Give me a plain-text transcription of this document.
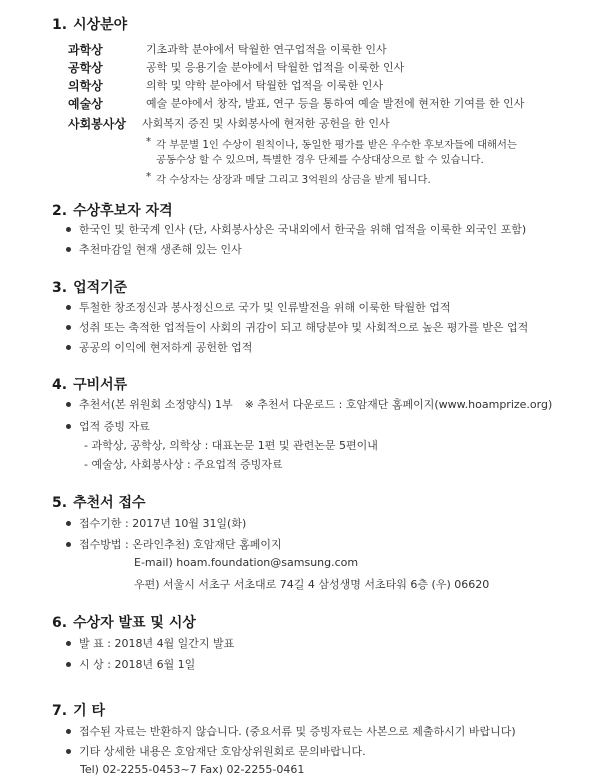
1. 시상분야
과학상	기초과학 분야에서 탁월한 연구업적을 이룩한 인사
공학상	공학 및 응용기술 분야에서 탁월한 업적을 이룩한 인사
의학상	의학 및 약학 분야에서 탁월한 업적을 이룩한 인사
예술상	예술 분야에서 창작, 발표, 연구 등을 통하여 예술 발전에 현저한 기여를 한 인사
사회봉사상 사회복지 증진 및 사회봉사에 현저한 공헌을 한 인사
* 각 부문별 1인 수상이 원칙이나, 동일한 평가를 받은 우수한 후보자들에 대해서는
공동수상 할 수 있으며, 특별한 경우 단체를 수상대상으로 할 수 있습니다.
* 각 수상자는 상장과 메달 그리고 3억원의 상금을 받게 됩니다.
2. 수상후보자 자격
한국인 및 한국계 인사 (단, 사회봉사상은 국내외에서 한국을 위해 업적을 이룩한 외국인 포함)
추천마감일 현재 생존해 있는 인사
3. 업적기준
투철한 창조정신과 봉사정신으로 국가 및 인류발전을 위해 이룩한 탁월한 업적
성취 또는 축적한 업적들이 사회의 귀감이 되고 해당분야 및 사회적으로 높은 평가를 받은 업적
공공의 이익에 현저하게 공헌한 업적
4. 구비서류
추천서(본 위원회 소정양식) 1부 ※ 추천서 다운로드 : 호암재단 홈페이지(www.hoamprize.org)
업적 증빙 자료
- 과학상, 공학상, 의학상 : 대표논문 1편 및 관련논문 5편이내
- 예술상, 사회봉사상 : 주요업적 증빙자료
5. 추천서 접수
접수기한 : 2017년 10월 31일(화)
접수방법 : 온라인추천) 호암재단 홈페이지
E-mail) hoam.foundation@samsung.com
우편) 서울시 서초구 서초대로 74길 4 삼성생명 서초타워 6층 (우) 06620
6. 수상자 발표 및 시상
발 표 : 2018년 4월 일간지 발표
시 상 : 2018년 6월 1일
7. 기 타
접수된 자료는 반환하지 않습니다. (중요서류 및 증빙자료는 사본으로 제출하시기 바랍니다)
기타 상세한 내용은 호암재단 호암상위원회로 문의바랍니다.
Tel) 02-2255-0453~7 Fax) 02-2255-0461
